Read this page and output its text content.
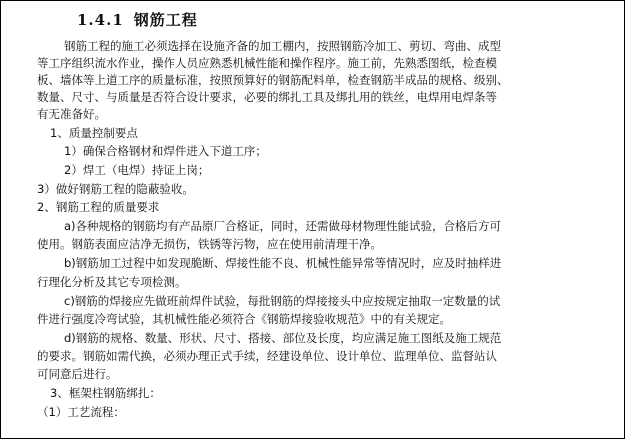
1.4.1 钢筋工程
钢筋工程的施工必须选择在设施齐备的加工棚内，按照钢筋冷加工、剪切、弯曲、成型
等工序组织流水作业，操作人员应熟悉机械性能和操作程序。施工前，先熟悉图纸，检查模
板、墙体等上道工序的质量标准，按照预算好的钢筋配料单，检查钢筋半成品的规格、级别、
数量、尺寸、与质量是否符合设计要求，必要的绑扎工具及绑扎用的铁丝，电焊用电焊条等
有无准备好。
1、质量控制要点
1）确保合格钢材和焊件进入下道工序；
2）焊工（电焊）持证上岗；
3）做好钢筋工程的隐蔽验收。
2、钢筋工程的质量要求
a)各种规格的钢筋均有产品原厂合格证，同时，还需做母材物理性能试验，合格后方可
使用。钢筋表面应洁净无损伤，铁锈等污物，应在使用前清理干净。
b)钢筋加工过程中如发现脆断、焊接性能不良、机械性能异常等情况时，应及时抽样进
行理化分析及其它专项检测。
c)钢筋的焊接应先做班前焊件试验，每批钢筋的焊接接头中应按规定抽取一定数量的试
件进行强度冷弯试验，其机械性能必须符合《钢筋焊接验收规范》中的有关规定。
d)钢筋的规格、数量、形状、尺寸、搭接、部位及长度，均应满足施工图纸及施工规范
的要求。钢筋如需代换，必须办理正式手续，经建设单位、设计单位、监理单位、监督站认
可同意后进行。
3、框架柱钢筋绑扎：
（1）工艺流程：
